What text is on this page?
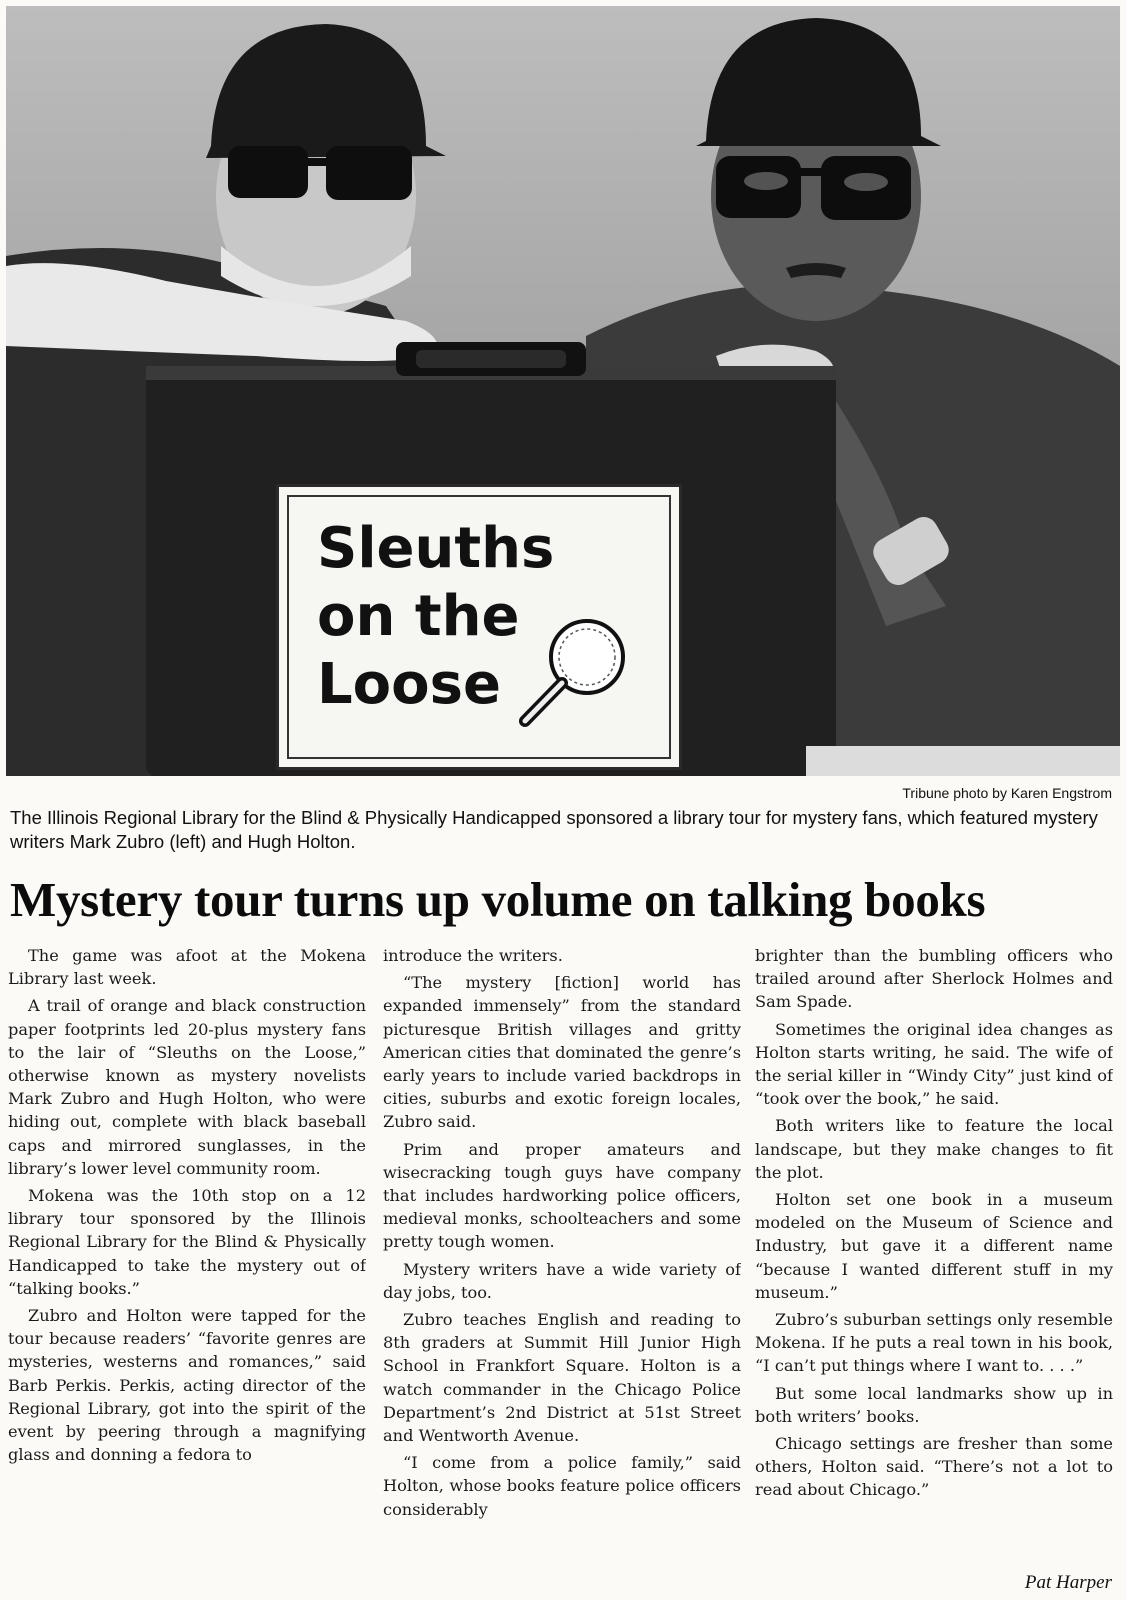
Sleuths
on the
Loose
Tribune photo by Karen Engstrom
The Illinois Regional Library for the Blind & Physically Handicapped sponsored a library tour for mystery fans, which featured mystery writers Mark Zubro (left) and Hugh Holton.
Mystery tour turns up volume on talking books

The game was afoot at the Mokena Library last week.

A trail of orange and black construction paper footprints led 20-plus mystery fans to the lair of “Sleuths on the Loose,” otherwise known as mystery novelists Mark Zubro and Hugh Holton, who were hiding out, complete with black baseball caps and mirrored sunglasses, in the library’s lower level community room.

Mokena was the 10th stop on a 12 library tour sponsored by the Illinois Regional Library for the Blind & Physically Handicapped to take the mystery out of “talking books.”

Zubro and Holton were tapped for the tour because readers’ “favorite genres are mysteries, westerns and romances,” said Barb Perkis. Perkis, acting director of the Regional Library, got into the spirit of the event by peering through a magnifying glass and donning a fedora to

introduce the writers.

“The mystery [fiction] world has expanded immensely” from the standard picturesque British villages and gritty American cities that dominated the genre’s early years to include varied backdrops in cities, suburbs and exotic foreign locales, Zubro said.

Prim and proper amateurs and wisecracking tough guys have company that includes hardworking police officers, medieval monks, schoolteachers and some pretty tough women.

Mystery writers have a wide variety of day jobs, too.

Zubro teaches English and reading to 8th graders at Summit Hill Junior High School in Frankfort Square. Holton is a watch commander in the Chicago Police Department’s 2nd District at 51st Street and Wentworth Avenue.

“I come from a police family,” said Holton, whose books feature police officers considerably

brighter than the bumbling officers who trailed around after Sherlock Holmes and Sam Spade.

Sometimes the original idea changes as Holton starts writing, he said. The wife of the serial killer in “Windy City” just kind of “took over the book,” he said.

Both writers like to feature the local landscape, but they make changes to fit the plot.

Holton set one book in a museum modeled on the Museum of Science and Industry, but gave it a different name “because I wanted different stuff in my museum.”

Zubro’s suburban settings only resemble Mokena. If he puts a real town in his book, “I can’t put things where I want to. . . .”

But some local landmarks show up in both writers’ books.

Chicago settings are fresher than some others, Holton said. “There’s not a lot to read about Chicago.”

Pat Harper
